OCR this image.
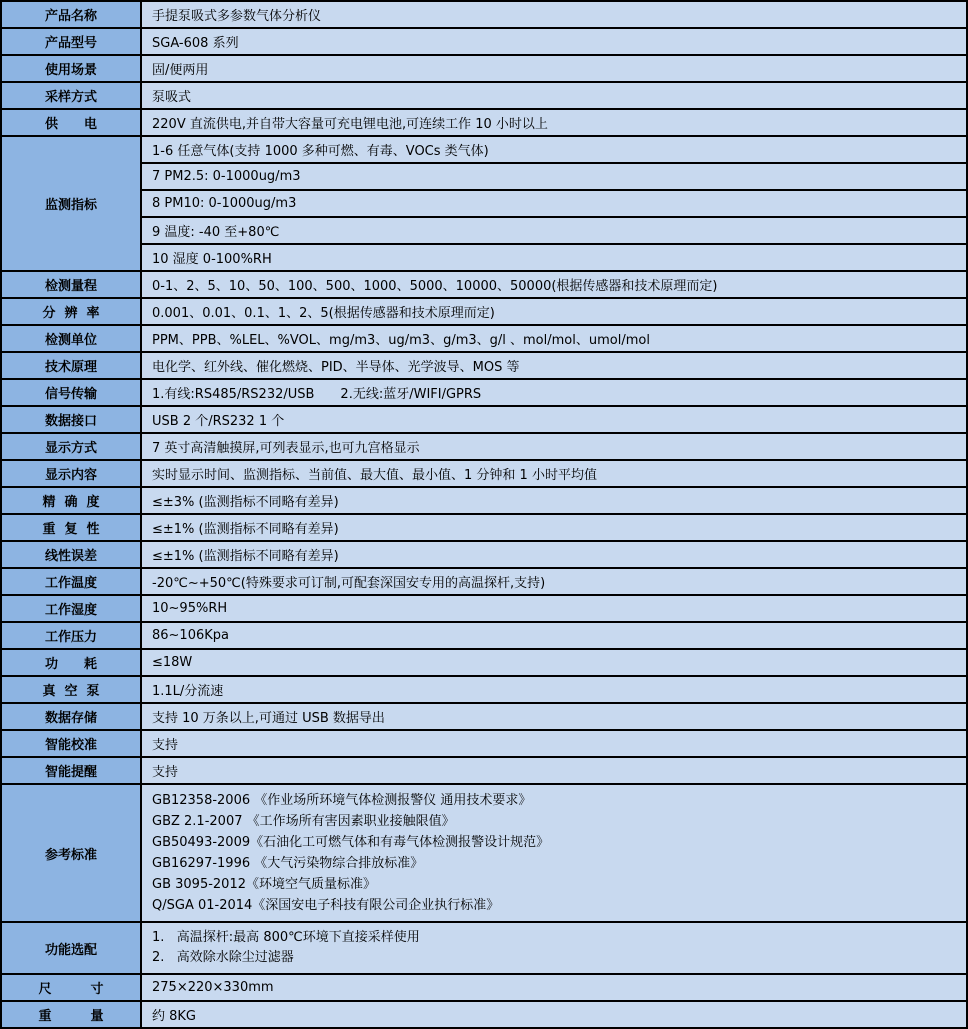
产品名称	手提泵吸式多参数气体分析仪
产品型号	SGA-608 系列
使用场景	固/便两用
采样方式	泵吸式
供　　电	220V 直流供电,并自带大容量可充电锂电池,可连续工作 10 小时以上
监测指标	1-6 任意气体(支持 1000 多种可燃、有毒、VOCs 类气体)
	7 PM2.5: 0-1000ug/m3
	8 PM10: 0-1000ug/m3
	9 温度: -40 至+80℃
	10 湿度 0-100%RH
检测量程	0-1、2、5、10、50、100、500、1000、5000、10000、50000(根据传感器和技术原理而定)
分  辨  率	0.001、0.01、0.1、1、2、5(根据传感器和技术原理而定)
检测单位	PPM、PPB、%LEL、%VOL、mg/m3、ug/m3、g/m3、g/l 、mol/mol、umol/mol
技术原理	电化学、红外线、催化燃烧、PID、半导体、光学波导、MOS 等
信号传输	1.有线:RS485/RS232/USB　　2.无线:蓝牙/WIFI/GPRS
数据接口	USB 2 个/RS232 1 个
显示方式	7 英寸高清触摸屏,可列表显示,也可九宫格显示
显示内容	实时显示时间、监测指标、当前值、最大值、最小值、1 分钟和 1 小时平均值
精  确  度	≤±3% (监测指标不同略有差异)
重  复  性	≤±1% (监测指标不同略有差异)
线性误差	≤±1% (监测指标不同略有差异)
工作温度	-20℃~+50℃(特殊要求可订制,可配套深国安专用的高温探杆,支持)
工作湿度	10~95%RH
工作压力	86~106Kpa
功　　耗	≤18W
真  空  泵	1.1L/分流速
数据存储	支持 10 万条以上,可通过 USB 数据导出
智能校准	支持
智能提醒	支持
参考标准	
GB12358-2006 《作业场所环境气体检测报警仪 通用技术要求》
GBZ 2.1-2007 《工作场所有害因素职业接触限值》
GB50493-2009《石油化工可燃气体和有毒气体检测报警设计规范》
GB16297-1996 《大气污染物综合排放标准》
GB 3095-2012《环境空气质量标准》
Q/SGA 01-2014《深国安电子科技有限公司企业执行标准》

功能选配	1.   高温探杆:最高 800℃环境下直接采样使用
2.   高效除水除尘过滤器

尺　　　寸	275×220×330mm
重　　　量	约 8KG
